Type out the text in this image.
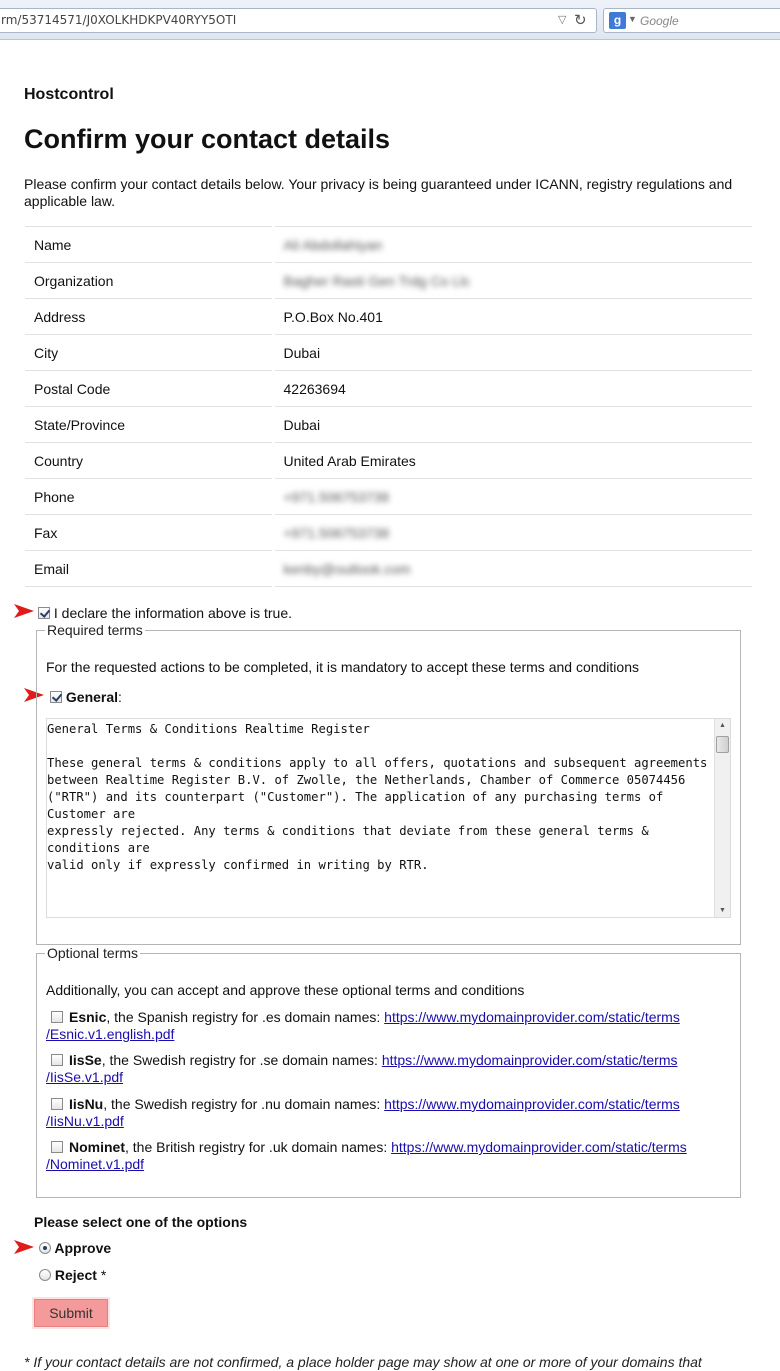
rm/53714571/J0XOLKHDKPV40RYY5OTI	▽ ↻	g ▼ Google
Hostcontrol
Confirm your contact details
Please confirm your contact details below. Your privacy is being guaranteed under ICANN, registry regulations and applicable law.
Name	Ali Abdollahiyan
Organization	Bagher Rasti Gen Trdg Co Llc
Address	P.O.Box No.401
City	Dubai
Postal Code	42263694
State/Province	Dubai
Country	United Arab Emirates
Phone	+971.506753738
Fax	+971.506753738
Email	kenby@outlook.com
I declare the information above is true.
Required terms
For the requested actions to be completed, it is mandatory to accept these terms and conditions
General:
General Terms & Conditions Realtime Register

These general terms & conditions apply to all offers, quotations and subsequent agreements
between Realtime Register B.V. of Zwolle, the Netherlands, Chamber of Commerce 05074456
("RTR") and its counterpart ("Customer"). The application of any purchasing terms of Customer are
expressly rejected. Any terms & conditions that deviate from these general terms & conditions are
valid only if expressly confirmed in writing by RTR.
▲
▼
Optional terms
Additionally, you can accept and approve these optional terms and conditions
Esnic, the Spanish registry for .es domain names: https://www.mydomainprovider.com/static/terms
/Esnic.v1.english.pdf
IisSe, the Swedish registry for .se domain names: https://www.mydomainprovider.com/static/terms
/IisSe.v1.pdf
IisNu, the Swedish registry for .nu domain names: https://www.mydomainprovider.com/static/terms
/IisNu.v1.pdf
Nominet, the British registry for .uk domain names: https://www.mydomainprovider.com/static/terms
/Nominet.v1.pdf
Please select one of the options
Approve
Reject *
Submit
* If your contact details are not confirmed, a place holder page may show at one or more of your domains that
